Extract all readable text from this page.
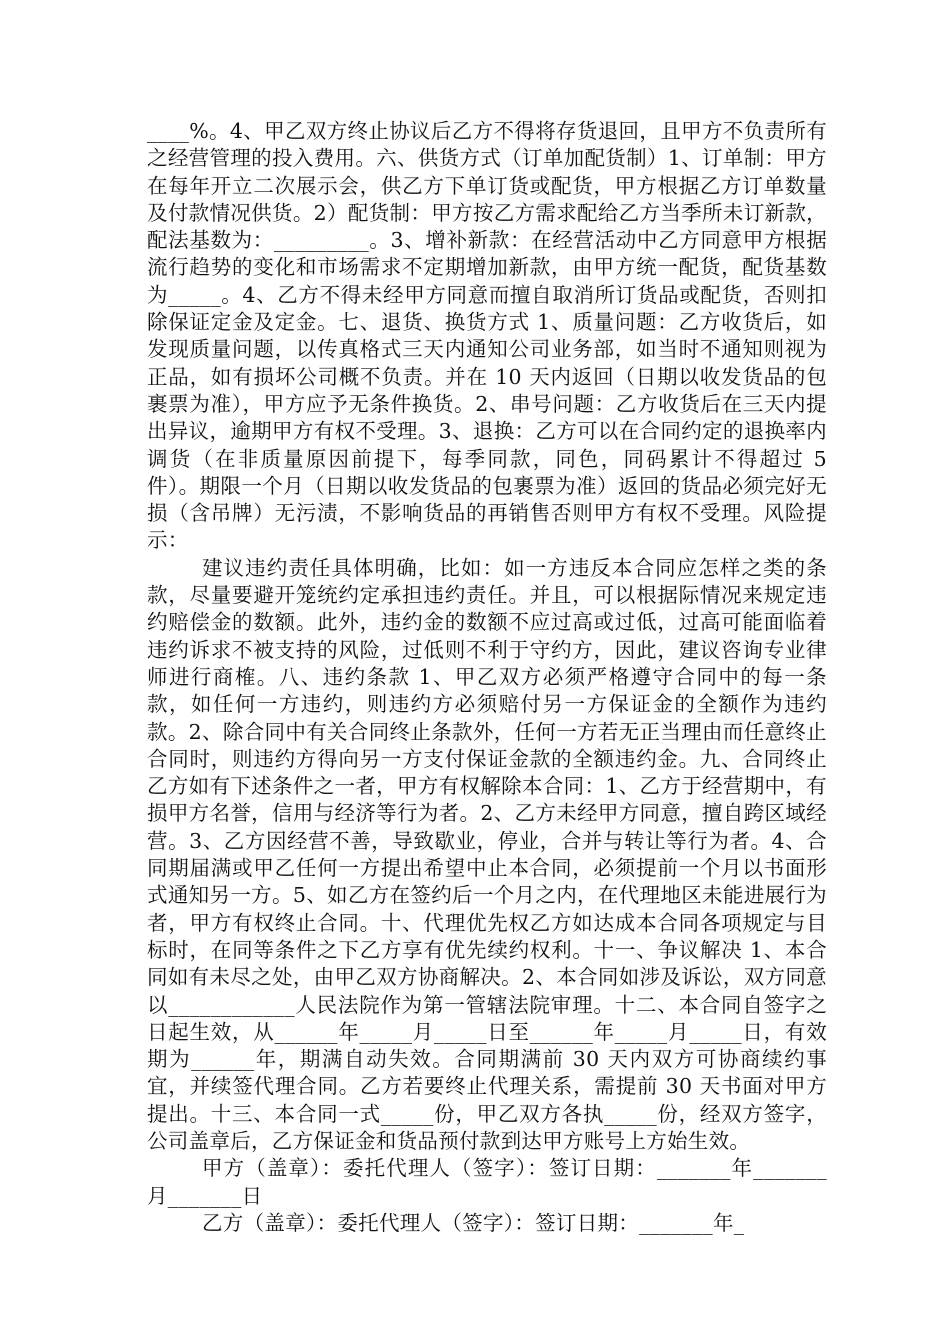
____%。4、甲乙双方终止协议后乙方不得将存货退回，且甲方不负责所有之经营管理的投入费用。六、供货方式（订单加配货制）1、订单制：甲方在每年开立二次展示会，供乙方下单订货或配货，甲方根据乙方订单数量及付款情况供货。2）配货制：甲方按乙方需求配给乙方当季所未订新款，配法基数为：_________。3、增补新款：在经营活动中乙方同意甲方根据流行趋势的变化和市场需求不定期增加新款，由甲方统一配货，配货基数为_____。4、乙方不得未经甲方同意而擅自取消所订货品或配货，否则扣除保证定金及定金。七、退货、换货方式 1、质量问题：乙方收货后，如发现质量问题，以传真格式三天内通知公司业务部，如当时不通知则视为正品，如有损坏公司概不负责。并在 10 天内返回（日期以收发货品的包裹票为准），甲方应予无条件换货。2、串号问题：乙方收货后在三天内提出异议，逾期甲方有权不受理。3、退换：乙方可以在合同约定的退换率内调货（在非质量原因前提下，每季同款，同色，同码累计不得超过 5 件）。期限一个月（日期以收发货品的包裹票为准）返回的货品必须完好无损（含吊牌）无污渍，不影响货品的再销售否则甲方有权不受理。风险提示：

建议违约责任具体明确，比如：如一方违反本合同应怎样之类的条款，尽量要避开笼统约定承担违约责任。并且，可以根据际情况来规定违约赔偿金的数额。此外，违约金的数额不应过高或过低，过高可能面临着违约诉求不被支持的风险，过低则不利于守约方，因此，建议咨询专业律师进行商榷。八、违约条款 1、甲乙双方必须严格遵守合同中的每一条款，如任何一方违约，则违约方必须赔付另一方保证金的全额作为违约款。2、除合同中有关合同终止条款外，任何一方若无正当理由而任意终止合同时，则违约方得向另一方支付保证金款的全额违约金。九、合同终止乙方如有下述条件之一者，甲方有权解除本合同：1、乙方于经营期中，有损甲方名誉，信用与经济等行为者。2、乙方未经甲方同意，擅自跨区域经营。3、乙方因经营不善，导致歇业，停业，合并与转让等行为者。4、合同期届满或甲乙任何一方提出希望中止本合同，必须提前一个月以书面形式通知另一方。5、如乙方在签约后一个月之内，在代理地区未能进展行为者，甲方有权终止合同。十、代理优先权乙方如达成本合同各项规定与目标时，在同等条件之下乙方享有优先续约权利。十一、争议解决 1、本合同如有未尽之处，由甲乙双方协商解决。2、本合同如涉及诉讼，双方同意以____________人民法院作为第一管辖法院审理。十二、本合同自签字之日起生效，从______年_____月_____日至______年_____月_____日，有效期为______年，期满自动失效。合同期满前 30 天内双方可协商续约事宜，并续签代理合同。乙方若要终止代理关系，需提前 30 天书面对甲方提出。十三、本合同一式_____份，甲乙双方各执_____份，经双方签字，公司盖章后，乙方保证金和货品预付款到达甲方账号上方始生效。

甲方（盖章）：委托代理人（签字）：签订日期：_______年_______月_______日

乙方（盖章）：委托代理人（签字）：签订日期：_______年_
